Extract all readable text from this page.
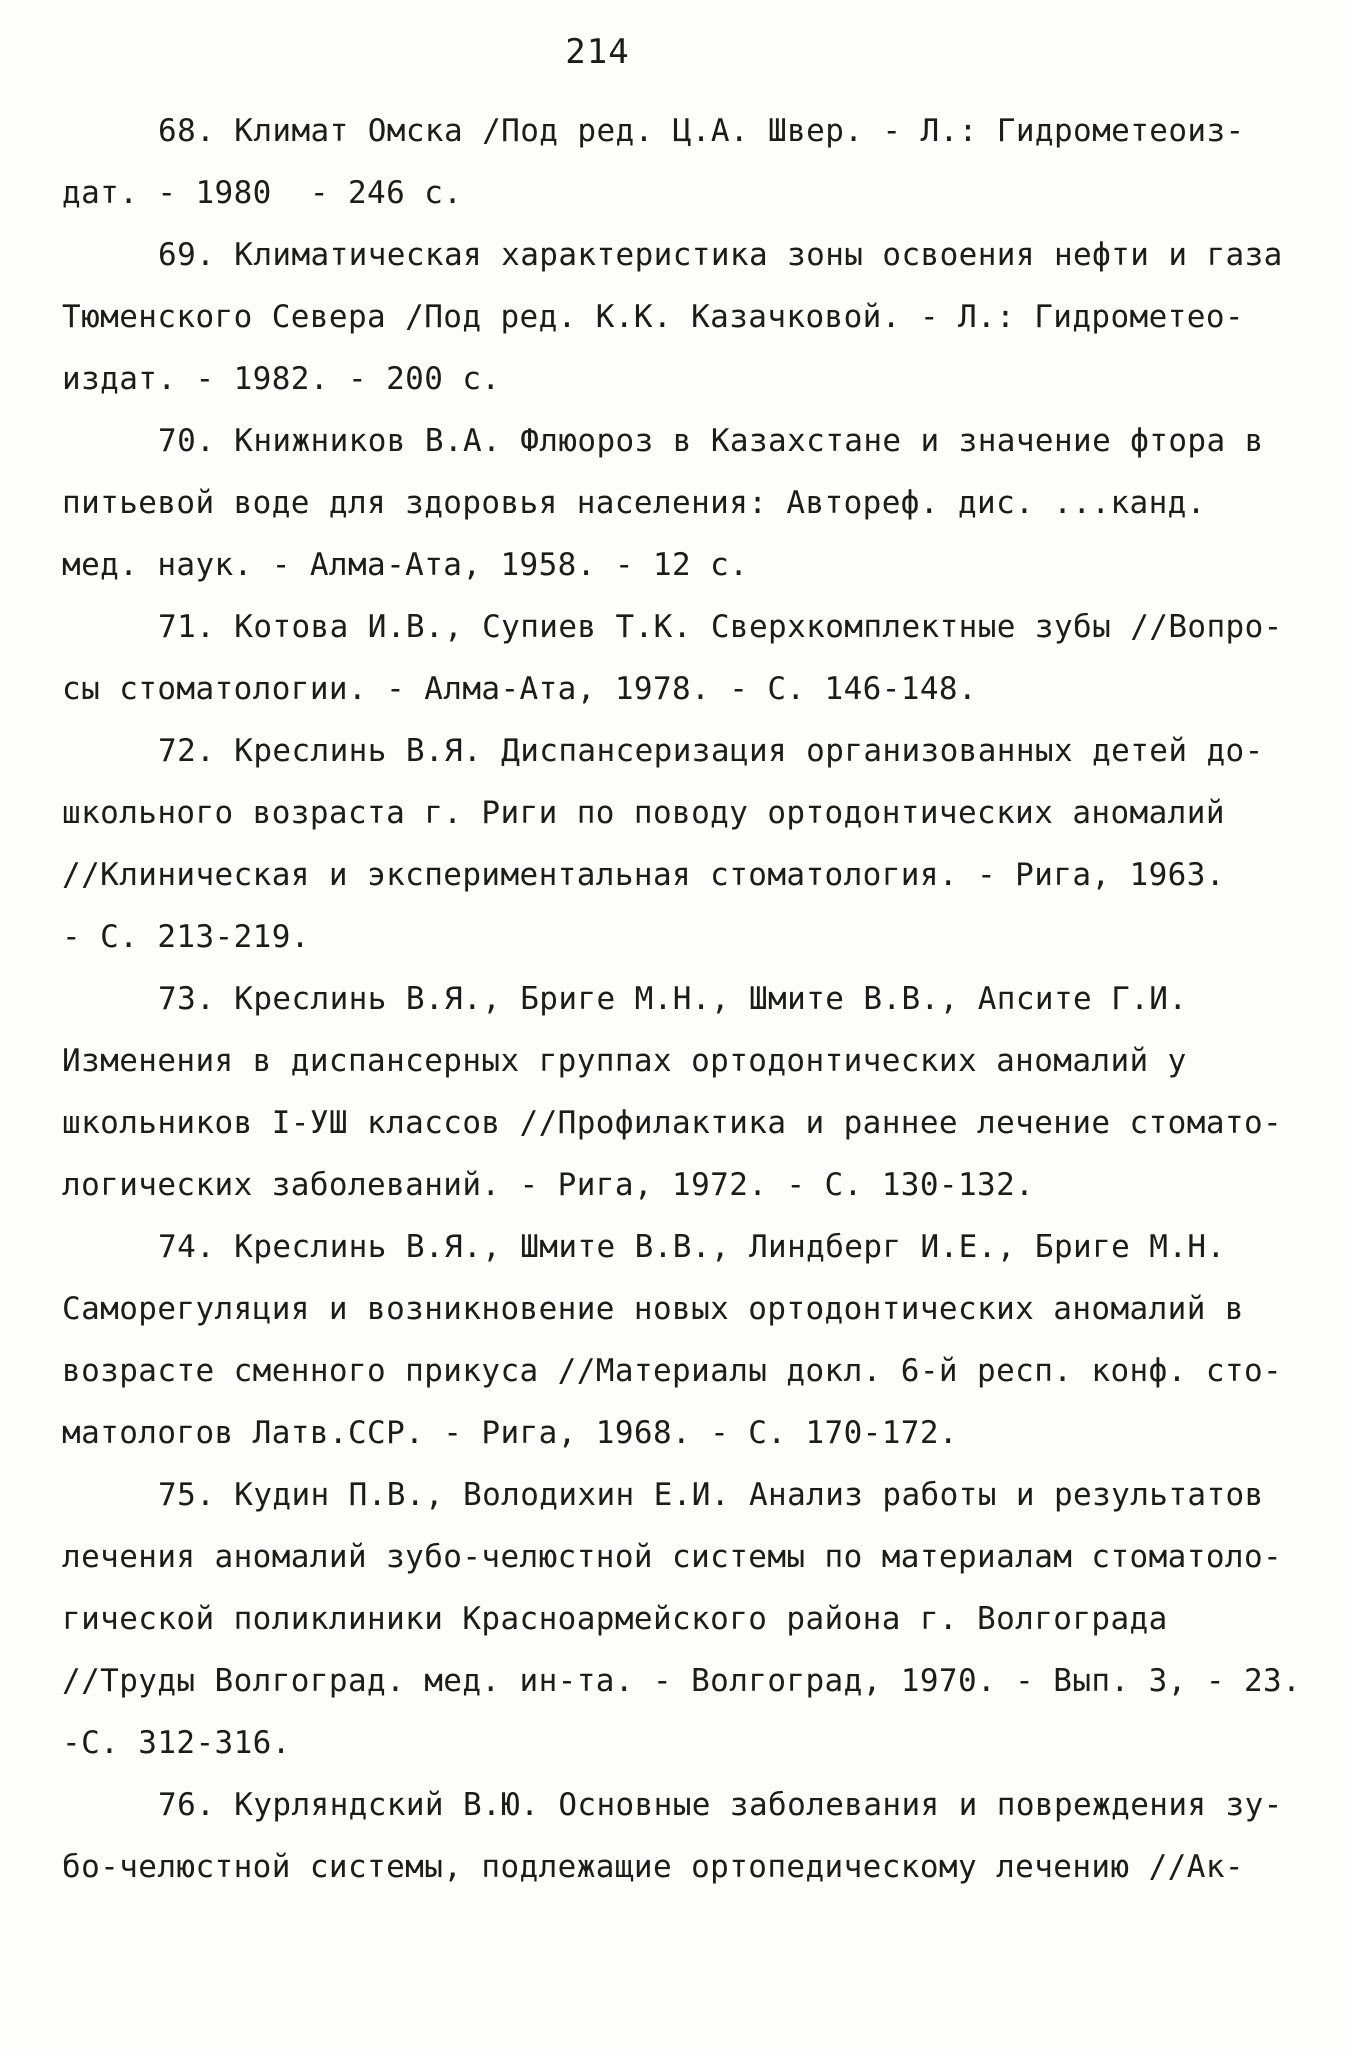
214
68. Климат Омска /Под ред. Ц.А. Швер. - Л.: Гидрометеоиз-
дат. - 1980  - 246 с.
69. Климатическая характеристика зоны освоения нефти и газа
Тюменского Севера /Под ред. К.К. Казачковой. - Л.: Гидрометео-
издат. - 1982. - 200 с.
70. Книжников В.А. Флюороз в Казахстане и значение фтора в
питьевой воде для здоровья населения: Автореф. дис. ...канд.
мед. наук. - Алма-Ата, 1958. - 12 с.
71. Котова И.В., Супиев Т.К. Сверхкомплектные зубы //Вопро-
сы стоматологии. - Алма-Ата, 1978. - С. 146-148.
72. Креслинь В.Я. Диспансеризация организованных детей до-
школьного возраста г. Риги по поводу ортодонтических аномалий
//Клиническая и экспериментальная стоматология. - Рига, 1963.
- С. 213-219.
73. Креслинь В.Я., Бриге М.Н., Шмите В.В., Апсите Г.И.
Изменения в диспансерных группах ортодонтических аномалий у
школьников I-УШ классов //Профилактика и раннее лечение стомато-
логических заболеваний. - Рига, 1972. - С. 130-132.
74. Креслинь В.Я., Шмите В.В., Линдберг И.Е., Бриге М.Н.
Саморегуляция и возникновение новых ортодонтических аномалий в
возрасте сменного прикуса //Материалы докл. 6-й респ. конф. сто-
матологов Латв.ССР. - Рига, 1968. - С. 170-172.
75. Кудин П.В., Володихин Е.И. Анализ работы и результатов
лечения аномалий зубо-челюстной системы по материалам стоматоло-
гической поликлиники Красноармейского района г. Волгограда
//Труды Волгоград. мед. ин-та. - Волгоград, 1970. - Вып. 3, - 23.
-С. 312-316.
76. Курляндский В.Ю. Основные заболевания и повреждения зу-
бо-челюстной системы, подлежащие ортопедическому лечению //Ак-
